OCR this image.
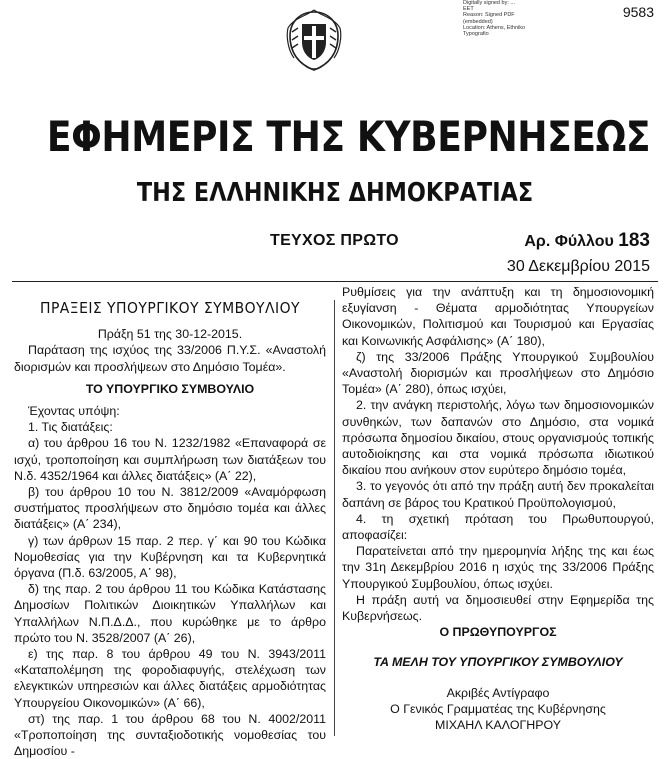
9583
Digitally signed by: ...
EET
Reason: Signed PDF
(embedded)
Location: Athens, Ethniko
Typografio
ΕΦΗΜΕΡΙΣ ΤΗΣ ΚΥΒΕΡΝΗΣΕΩΣ
ΤΗΣ ΕΛΛΗΝΙΚΗΣ ΔΗΜΟΚΡΑΤΙΑΣ
ΤΕΥΧΟΣ ΠΡΩΤΟ	Αρ. Φύλλου 183
30 Δεκεμβρίου 2015

ΠΡΑΞΕΙΣ ΥΠΟΥΡΓΙΚΟΥ ΣΥΜΒΟΥΛΙΟΥ

Πράξη 51 της 30-12-2015.

Παράταση της ισχύος της 33/2006 Π.Υ.Σ. «Αναστολή διορισμών και προσλήψεων στο Δημόσιο Τομέα».

ΤΟ ΥΠΟΥΡΓΙΚΟ ΣΥΜΒΟΥΛΙΟ

Έχοντας υπόψη:

1. Τις διατάξεις:

α) του άρθρου 16 του Ν. 1232/1982 «Επαναφορά σε ισχύ, τροποποίηση και συμπλήρωση των διατάξεων του Ν.δ. 4352/1964 και άλλες διατάξεις» (Α΄ 22),

β) του άρθρου 10 του Ν. 3812/2009 «Αναμόρφωση συστήματος προσλήψεων στο δημόσιο τομέα και άλλες διατάξεις» (Α΄ 234),

γ) των άρθρων 15 παρ. 2 περ. γ΄ και 90 του Κώδικα Νομοθεσίας για την Κυβέρνηση και τα Κυβερνητικά όργανα (Π.δ. 63/2005, Α΄ 98),

δ) της παρ. 2 του άρθρου 11 του Κώδικα Κατάστασης Δημοσίων Πολιτικών Διοικητικών Υπαλλήλων και Υπαλλήλων Ν.Π.Δ.Δ., που κυρώθηκε με το άρθρο πρώτο του Ν. 3528/2007 (Α΄ 26),

ε) της παρ. 8 του άρθρου 49 του Ν. 3943/2011 «Καταπολέμηση της φοροδιαφυγής, στελέχωση των ελεγκτικών υπηρεσιών και άλλες διατάξεις αρμοδιότητας Υπουργείου Οικονομικών» (Α΄ 66),

στ) της παρ. 1 του άρθρου 68 του Ν. 4002/2011 «Τροποποίηση της συνταξιοδοτικής νομοθεσίας του Δημοσίου -

Ρυθμίσεις για την ανάπτυξη και τη δημοσιονομική εξυγίανση - Θέματα αρμοδιότητας Υπουργείων Οικονομικών, Πολιτισμού και Τουρισμού και Εργασίας και Κοινωνικής Ασφάλισης» (Α΄ 180),

ζ) της 33/2006 Πράξης Υπουργικού Συμβουλίου «Αναστολή διορισμών και προσλήψεων στο Δημόσιο Τομέα» (Α΄ 280), όπως ισχύει,

2. την ανάγκη περιστολής, λόγω των δημοσιονομικών συνθηκών, των δαπανών στο Δημόσιο, στα νομικά πρόσωπα δημοσίου δικαίου, στους οργανισμούς τοπικής αυτοδιοίκησης και στα νομικά πρόσωπα ιδιωτικού δικαίου που ανήκουν στον ευρύτερο δημόσιο τομέα,

3. το γεγονός ότι από την πράξη αυτή δεν προκαλείται δαπάνη σε βάρος του Κρατικού Προϋπολογισμού,

4. τη σχετική πρόταση του Πρωθυπουργού, αποφασίζει:

Παρατείνεται από την ημερομηνία λήξης της και έως την 31η Δεκεμβρίου 2016 η ισχύς της 33/2006 Πράξης Υπουργικού Συμβουλίου, όπως ισχύει.

Η πράξη αυτή να δημοσιευθεί στην Εφημερίδα της Κυβερνήσεως.

Ο ΠΡΩΘΥΠΟΥΡΓΟΣ

ΤΑ ΜΕΛΗ ΤΟΥ ΥΠΟΥΡΓΙΚΟΥ ΣΥΜΒΟΥΛΙΟΥ

Ακριβές Αντίγραφο

Ο Γενικός Γραμματέας της Κυβέρνησης

ΜΙΧΑΗΛ ΚΑΛΟΓΗΡΟΥ
